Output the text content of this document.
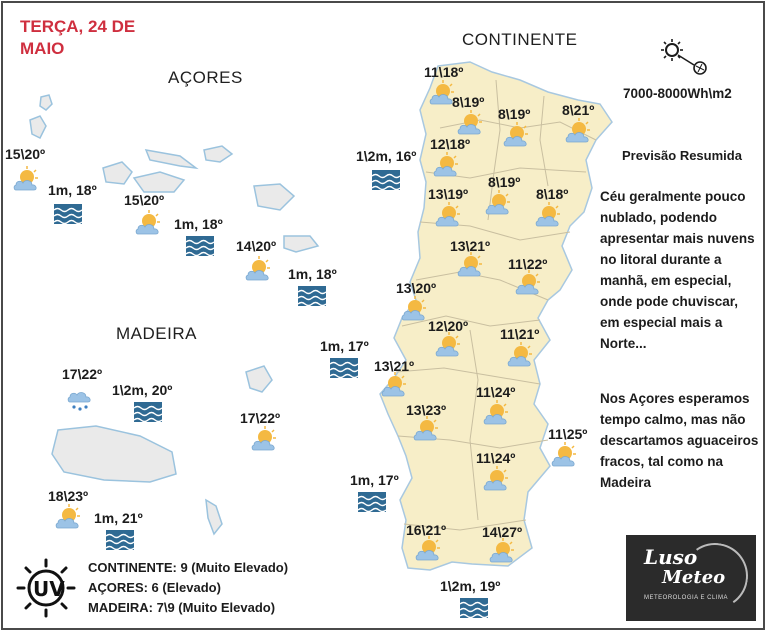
TERÇA, 24 DE MAIO
AÇORES
CONTINENTE
MADEIRA
7000-8000Wh\m2
Previsão Resumida
Céu geralmente pouco nublado, podendo apresentar mais nuvens no litoral durante a manhã, em especial, onde pode chuviscar, em especial mais a Norte...
Nos Açores esperamos tempo calmo, mas não descartamos aguaceiros fracos, tal como na Madeira
15\20º
1m, 18º
15\20º
1m, 18º
14\20º
1m, 18º
17\22º
1\2m, 20º
17\22º
18\23º
1m, 21º
1\2m, 16º
1m, 17º
1m, 17º
1\2m, 19º
11\18º
8\19º
8\19º 8\21º
12\18º
13\19º
8\19º
8\18º
13\21º
11\22º
13\20º
12\20º 11\21º
13\21º
11\24º
13\23º
11\25º
11\24º
16\21º	14\27º
UV
CONTINENTE: 9 (Muito Elevado)
AÇORES: 6 (Elevado)
MADEIRA: 7\9 (Muito Elevado)
Luso
Meteo
METEOROLOGIA E CLIMA
